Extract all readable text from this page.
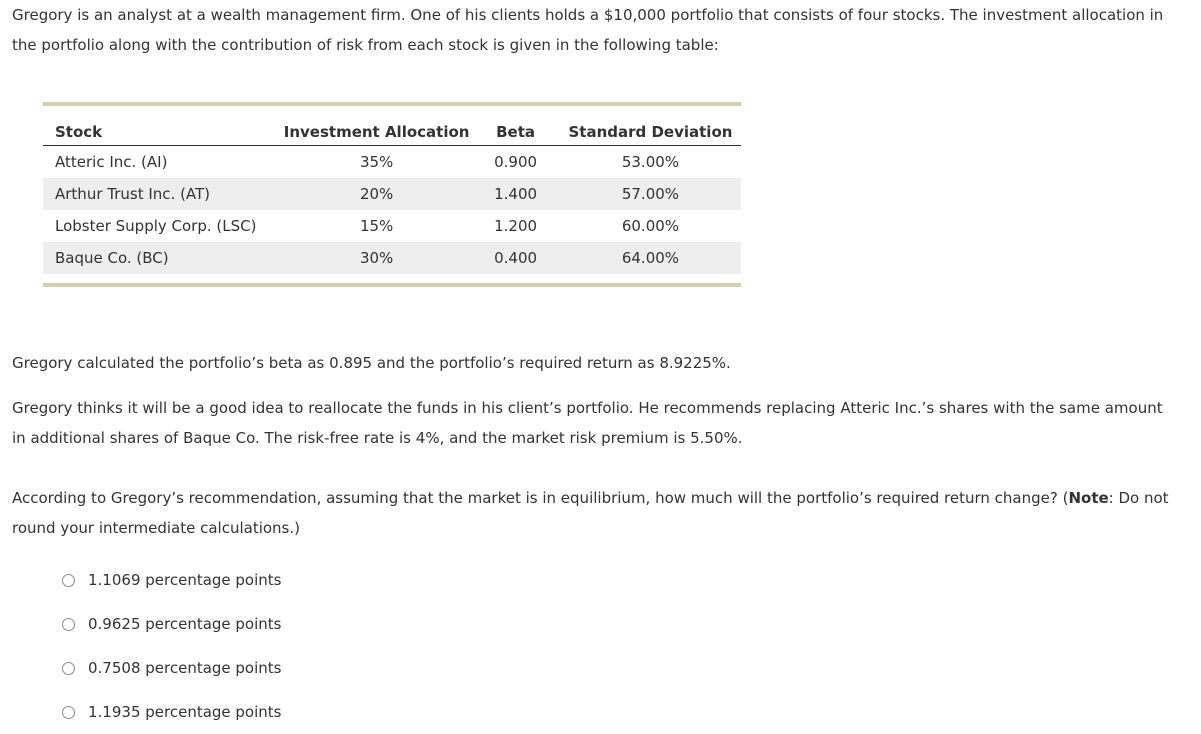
Gregory is an analyst at a wealth management firm. One of his clients holds a $10,000 portfolio that consists of four stocks. The investment allocation in the portfolio along with the contribution of risk from each stock is given in the following table:

Stock	Investment Allocation	Beta	Standard Deviation
Atteric Inc. (AI)	35%	0.900	53.00%
Arthur Trust Inc. (AT)	20%	1.400	57.00%
Lobster Supply Corp. (LSC)	15%	1.200	60.00%
Baque Co. (BC)	30%	0.400	64.00%

Gregory calculated the portfolio’s beta as 0.895 and the portfolio’s required return as 8.9225%.

Gregory thinks it will be a good idea to reallocate the funds in his client’s portfolio. He recommends replacing Atteric Inc.’s shares with the same amount in additional shares of Baque Co. The risk-free rate is 4%, and the market risk premium is 5.50%.

According to Gregory’s recommendation, assuming that the market is in equilibrium, how much will the portfolio’s required return change? (Note: Do not round your intermediate calculations.)

1.1069 percentage points
0.9625 percentage points
0.7508 percentage points
1.1935 percentage points
